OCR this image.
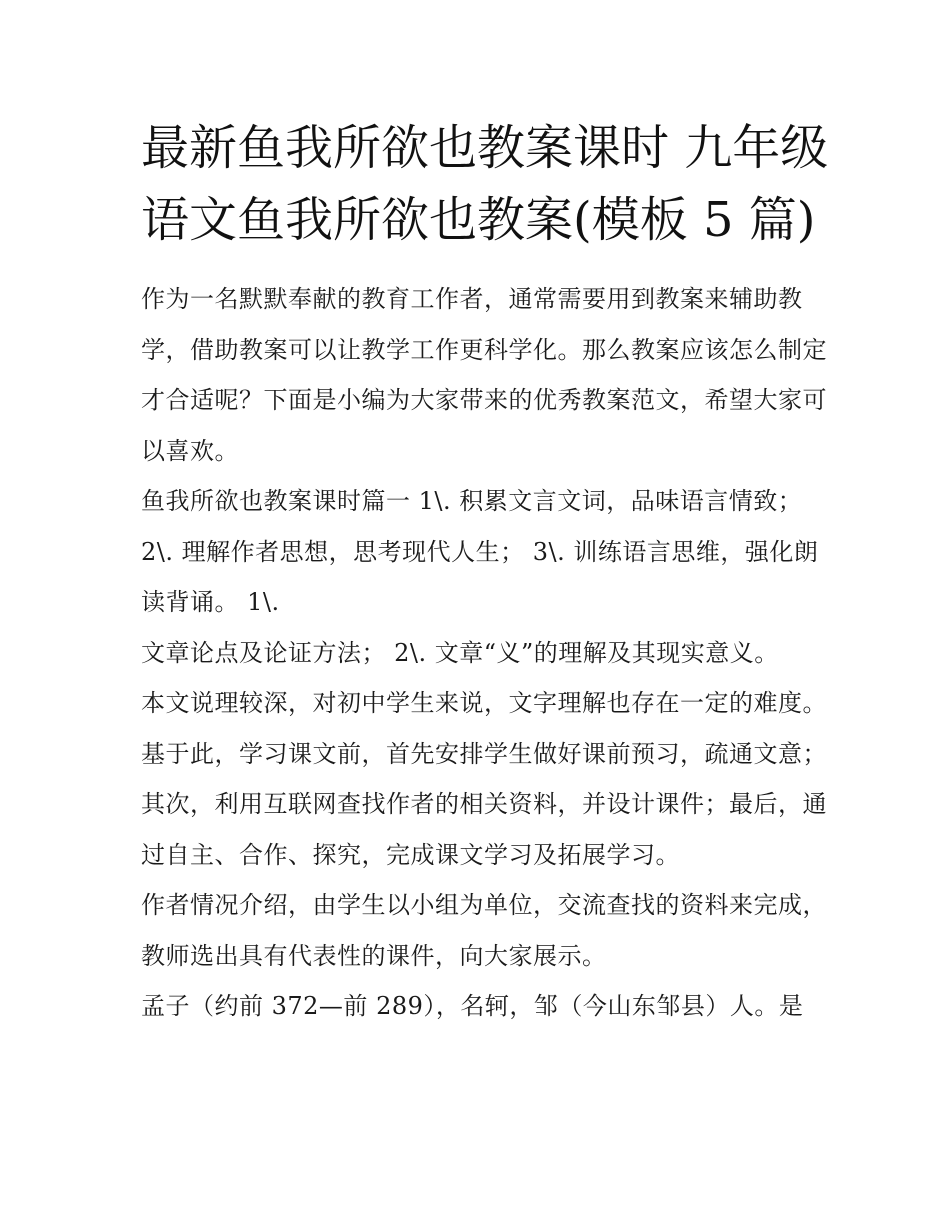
最新鱼我所欲也教案课时 九年级语文鱼我所欲也教案(模板 5 篇)

作为一名默默奉献的教育工作者，通常需要用到教案来辅助教学，借助教案可以让教学工作更科学化。那么教案应该怎么制定才合适呢？下面是小编为大家带来的优秀教案范文，希望大家可以喜欢。

鱼我所欲也教案课时篇一 1\. 积累文言文词，品味语言情致； 2\. 理解作者思想，思考现代人生； 3\. 训练语言思维，强化朗读背诵。 1\.

文章论点及论证方法； 2\. 文章“义”的理解及其现实意义。

本文说理较深，对初中学生来说，文字理解也存在一定的难度。基于此，学习课文前，首先安排学生做好课前预习，疏通文意；其次，利用互联网查找作者的相关资料，并设计课件；最后，通过自主、合作、探究，完成课文学习及拓展学习。

作者情况介绍，由学生以小组为单位，交流查找的资料来完成，教师选出具有代表性的课件，向大家展示。

孟子（约前 372—前 289），名轲，邹（今山东邹县）人。是
